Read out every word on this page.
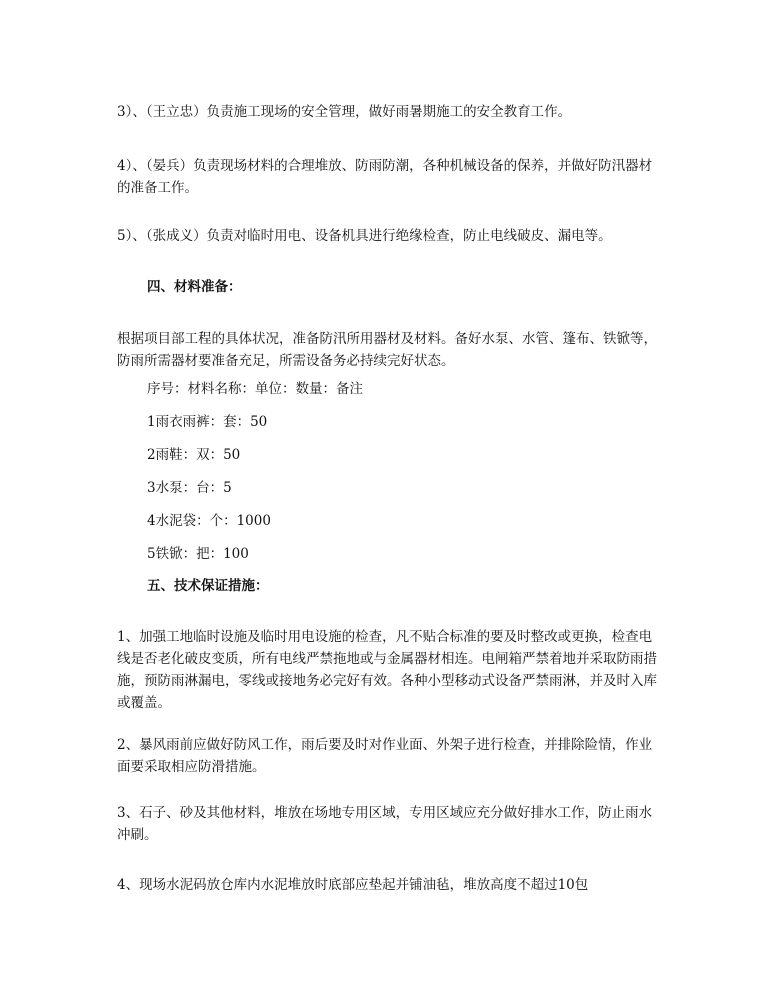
3）、（王立忠）负责施工现场的安全管理，做好雨暑期施工的安全教育工作。

4）、（晏兵）负责现场材料的合理堆放、防雨防潮，各种机械设备的保养，并做好防汛器材的准备工作。

5）、（张成义）负责对临时用电、设备机具进行绝缘检查，防止电线破皮、漏电等。

四、材料准备：

根据项目部工程的具体状况，准备防汛所用器材及材料。备好水泵、水管、篷布、铁锨等，防雨所需器材要准备充足，所需设备务必持续完好状态。

序号：材料名称：单位：数量：备注

1雨衣雨裤：套：50

2雨鞋：双：50

3水泵：台：5

4水泥袋：个：1000

5铁锨：把：100

五、技术保证措施：

1、加强工地临时设施及临时用电设施的检查，凡不贴合标准的要及时整改或更换，检查电线是否老化破皮变质，所有电线严禁拖地或与金属器材相连。电闸箱严禁着地并采取防雨措施，预防雨淋漏电，零线或接地务必完好有效。各种小型移动式设备严禁雨淋，并及时入库或覆盖。

2、暴风雨前应做好防风工作，雨后要及时对作业面、外架子进行检查，并排除险情，作业面要采取相应防滑措施。

3、石子、砂及其他材料，堆放在场地专用区域，专用区域应充分做好排水工作，防止雨水冲刷。

4、现场水泥码放仓库内水泥堆放时底部应垫起并铺油毡，堆放高度不超过10包
